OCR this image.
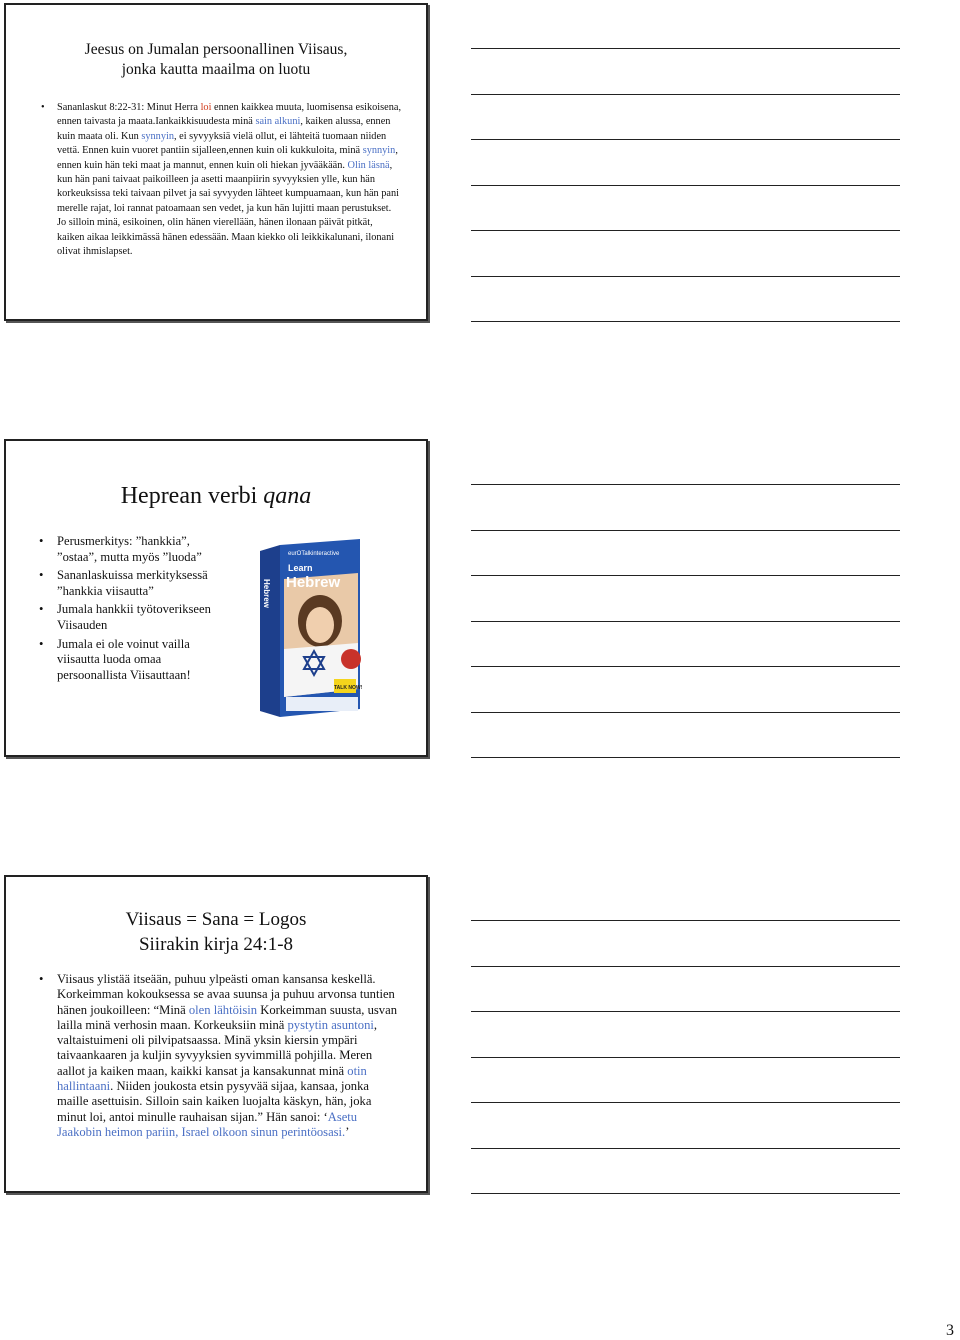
Jeesus on Jumalan persoonallinen Viisaus,
jonka kautta maailma on luotu
• Sananlaskut 8:22-31: Minut Herra loi ennen kaikkea muuta, luomisensa esikoisena, ennen taivasta ja maata.Iankaikkisuudesta minä sain alkuni, kaiken alussa, ennen kuin maata oli. Kun synnyin, ei syvyyksiä vielä ollut, ei lähteitä tuomaan niiden vettä. Ennen kuin vuoret pantiin sijalleen,ennen kuin oli kukkuloita, minä synnyin, ennen kuin hän teki maat ja mannut, ennen kuin oli hiekan jyvääkään. Olin läsnä, kun hän pani taivaat paikoilleen ja asetti maanpiirin syvyyksien ylle, kun hän korkeuksissa teki taivaan pilvet ja sai syvyyden lähteet kumpuamaan, kun hän pani merelle rajat, loi rannat patoamaan sen vedet, ja kun hän lujitti maan perustukset. Jo silloin minä, esikoinen, olin hänen vierellään, hänen ilonaan päivät pitkät, kaiken aikaa leikkimässä hänen edessään. Maan kiekko oli leikkikalunani, ilonani olivat ihmislapset.
Heprean verbi qana
• Perusmerkitys: ”hankkia”, ”ostaa”, mutta myös ”luoda”
• Sananlaskuissa merkityksessä ”hankkia viisautta”
• Jumala hankkii työtoverikseen Viisauden
• Jumala ei ole voinut vailla viisautta luoda omaa persoonallista Viisauttaan!
eurOTalkinteractive
Learn
Hebrew
Hebrew
TALK NOW!
Viisaus = Sana = Logos
Siirakin kirja 24:1-8
• Viisaus ylistää itseään, puhuu ylpeästi oman kansansa keskellä. Korkeimman kokouksessa se avaa suunsa ja puhuu arvonsa tuntien hänen joukoilleen: “Minä olen lähtöisin Korkeimman suusta, usvan lailla minä verhosin maan. Korkeuksiin minä pystytin asuntoni, valtaistuimeni oli pilvipatsaassa. Minä yksin kiersin ympäri taivaankaaren ja kuljin syvyyksien syvimmillä pohjilla. Meren aallot ja kaiken maan, kaikki kansat ja kansakunnat minä otin hallintaani. Niiden joukosta etsin pysyvää sijaa, kansaa, jonka maille asettuisin. Silloin sain kaiken luojalta käskyn, hän, joka minut loi, antoi minulle rauhaisan sijan.” Hän sanoi: ‘Asetu Jaakobin heimon pariin, Israel olkoon sinun perintöosasi.’
3
